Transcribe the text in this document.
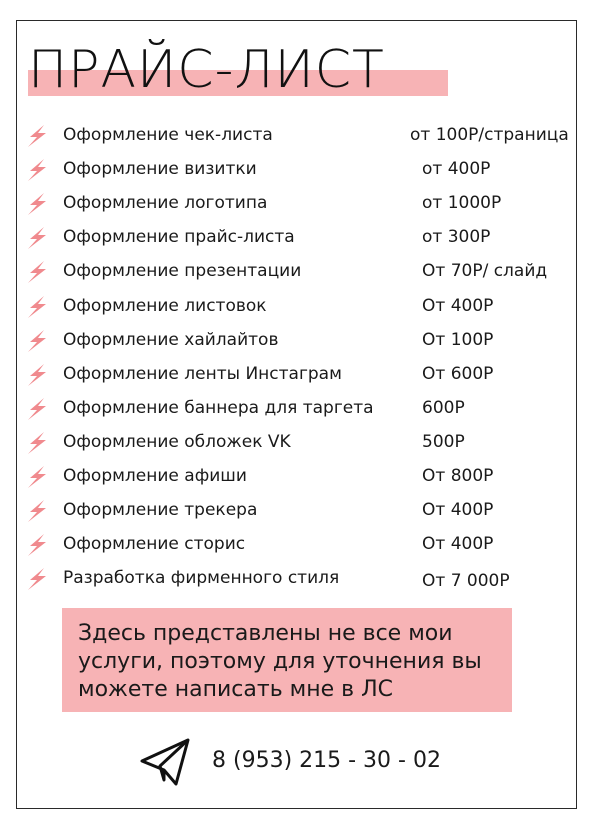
ПРАЙС-ЛИСТ
Оформление чек-листа	от 100Р/страница
Оформление визитки	от 400Р
Оформление логотипа	от 1000Р
Оформление прайс-листа	от 300Р
Оформление презентации	От 70Р/ слайд
Оформление листовок	От 400Р
Оформление хайлайтов	От 100Р
Оформление ленты Инстаграм	От 600Р
Оформление баннера для таргета	600Р
Оформление обложек VK	500Р
Оформление афиши	От 800Р
Оформление трекера	От 400Р
Оформление сторис	От 400Р
Разработка фирменного стиля	От 7 000Р
Здесь представлены не все мои услуги, поэтому для уточнения вы можете написать мне в ЛС
8 (953) 215 - 30 - 02
